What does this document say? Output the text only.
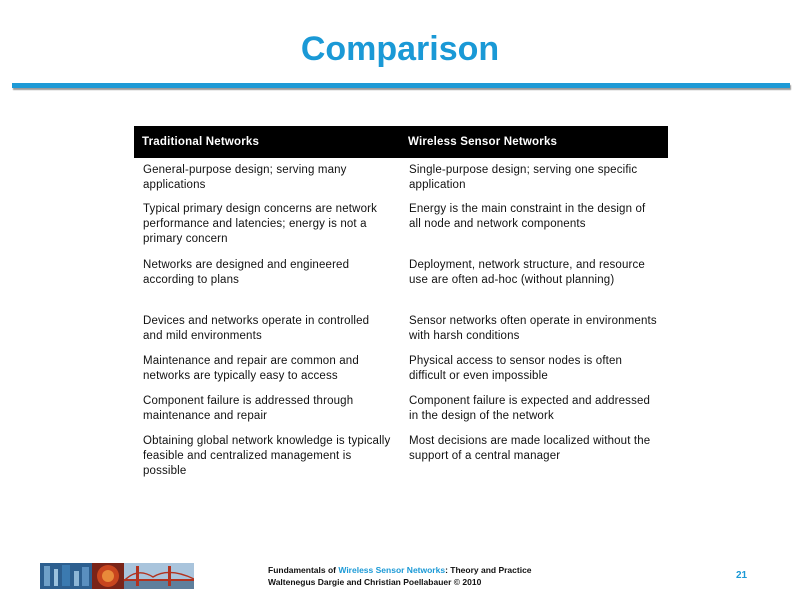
Comparison
Traditional Networks	Wireless Sensor Networks
General-purpose design; serving many applications	Single-purpose design; serving one specific application
Typical primary design concerns are network performance and latencies; energy is not a primary concern	Energy is the main constraint in the design of all node and network components
Networks are designed and engineered according to plans	Deployment, network structure, and resource use are often ad-hoc (without planning)
Devices and networks operate in controlled and mild environments	Sensor networks often operate in environments with harsh conditions
Maintenance and repair are common and networks are typically easy to access	Physical access to sensor nodes is often difficult or even impossible
Component failure is addressed through maintenance and repair	Component failure is expected and addressed in the design of the network
Obtaining global network knowledge is typically feasible and centralized management is possible	Most decisions are made localized without the support of a central manager
Fundamentals of Wireless Sensor Networks: Theory and Practice
Waltenegus Dargie and Christian Poellabauer © 2010
21
